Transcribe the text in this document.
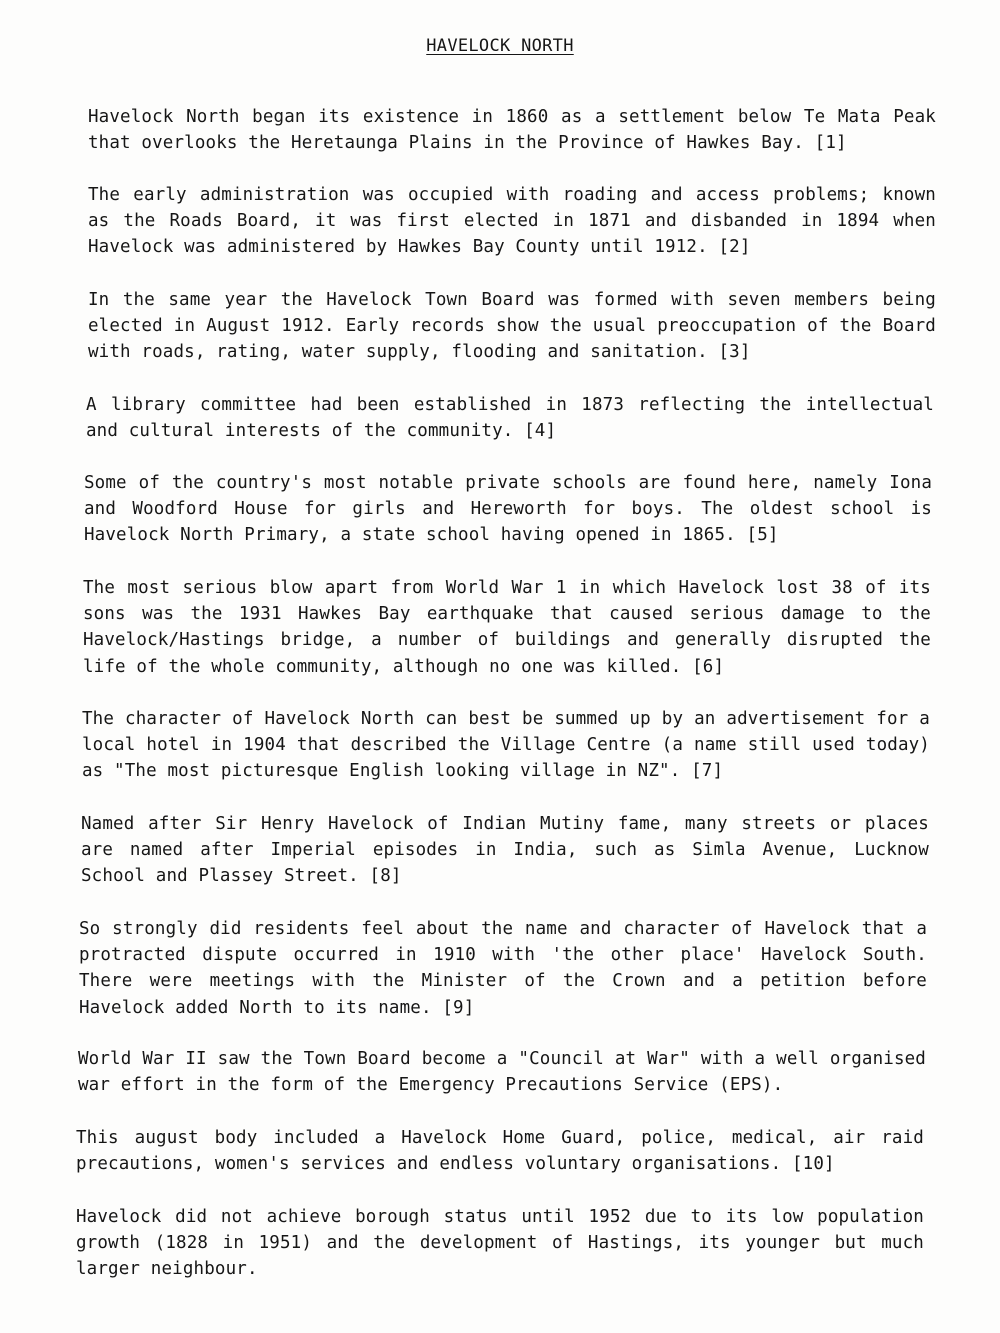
HAVELOCK NORTH

Havelock North began its existence in 1860 as a settlement below Te Mata Peak that overlooks the Heretaunga Plains in the Province of Hawkes Bay. [1]

The early administration was occupied with roading and access problems; known as the Roads Board, it was first elected in 1871 and disbanded in 1894 when Havelock was administered by Hawkes Bay County until 1912. [2]

In the same year the Havelock Town Board was formed with seven members being elected in August 1912. Early records show the usual preoccupation of the Board with roads, rating, water supply, flooding and sanitation. [3]

A library committee had been established in 1873 reflecting the intellectual and cultural interests of the community. [4]

Some of the country's most notable private schools are found here, namely Iona and Woodford House for girls and Hereworth for boys. The oldest school is Havelock North Primary, a state school having opened in 1865. [5]

The most serious blow apart from World War 1 in which Havelock lost 38 of its sons was the 1931 Hawkes Bay earthquake that caused serious damage to the Havelock/Hastings bridge, a number of buildings and generally disrupted the life of the whole community, although no one was killed. [6]

The character of Havelock North can best be summed up by an advertisement for a local hotel in 1904 that described the Village Centre (a name still used today) as "The most picturesque English looking village in NZ". [7]

Named after Sir Henry Havelock of Indian Mutiny fame, many streets or places are named after Imperial episodes in India, such as Simla Avenue, Lucknow School and Plassey Street. [8]

So strongly did residents feel about the name and character of Havelock that a protracted dispute occurred in 1910 with 'the other place' Havelock South. There were meetings with the Minister of the Crown and a petition before Havelock added North to its name. [9]

World War II saw the Town Board become a "Council at War" with a well organised war effort in the form of the Emergency Precautions Service (EPS).

This august body included a Havelock Home Guard, police, medical, air raid precautions, women's services and endless voluntary organisations. [10]

Havelock did not achieve borough status until 1952 due to its low population growth (1828 in 1951) and the development of Hastings, its younger but much larger neighbour.
